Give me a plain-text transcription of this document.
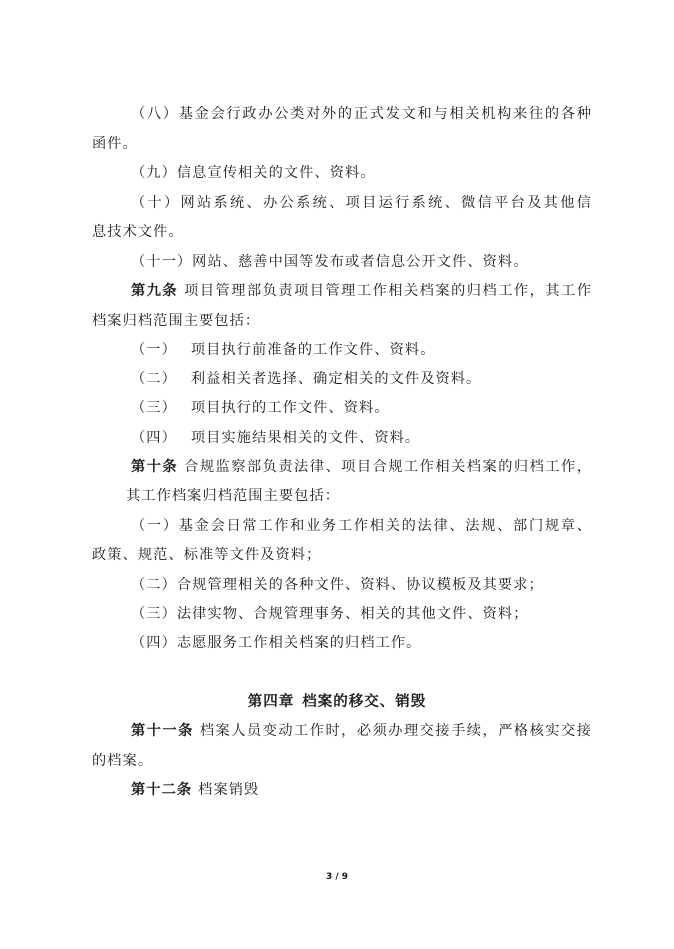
（八）基金会行政办公类对外的正式发文和与相关机构来往的各种
函件。
（九）信息宣传相关的文件、资料。
（十）网站系统、办公系统、项目运行系统、微信平台及其他信
息技术文件。
（十一）网站、慈善中国等发布或者信息公开文件、资料。
第九条 项目管理部负责项目管理工作相关档案的归档工作，其工作
档案归档范围主要包括：
（一） 项目执行前准备的工作文件、资料。
（二） 利益相关者选择、确定相关的文件及资料。
（三） 项目执行的工作文件、资料。
（四） 项目实施结果相关的文件、资料。
第十条 合规监察部负责法律、项目合规工作相关档案的归档工作，
其工作档案归档范围主要包括：
（一）基金会日常工作和业务工作相关的法律、法规、部门规章、
政策、规范、标准等文件及资料；
（二）合规管理相关的各种文件、资料、协议模板及其要求；
（三）法律实物、合规管理事务、相关的其他文件、资料；
（四）志愿服务工作相关档案的归档工作。
第四章 档案的移交、销毁
第十一条 档案人员变动工作时，必须办理交接手续，严格核实交接
的档案。
第十二条 档案销毁
3 / 9
